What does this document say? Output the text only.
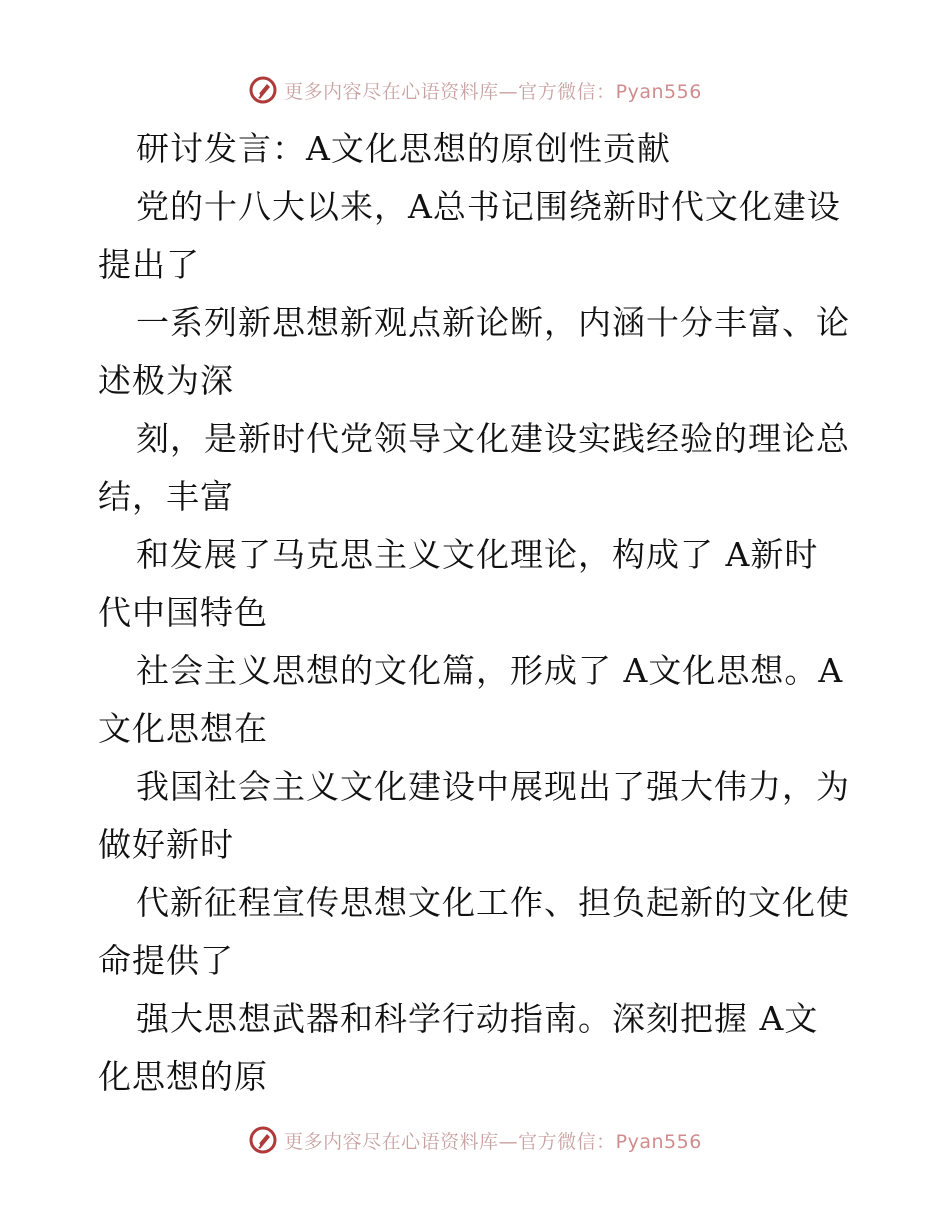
更多内容尽在心语资料库—官方微信：Pyan556
研讨发言：A文化思想的原创性贡献
党的十八大以来，A总书记围绕新时代文化建设
提出了
一系列新思想新观点新论断，内涵十分丰富、论
述极为深
刻，是新时代党领导文化建设实践经验的理论总
结，丰富
和发展了马克思主义文化理论，构成了 A新时
代中国特色
社会主义思想的文化篇，形成了 A文化思想。A
文化思想在
我国社会主义文化建设中展现出了强大伟力，为
做好新时
代新征程宣传思想文化工作、担负起新的文化使
命提供了
强大思想武器和科学行动指南。深刻把握 A文
化思想的原
更多内容尽在心语资料库—官方微信：Pyan556
